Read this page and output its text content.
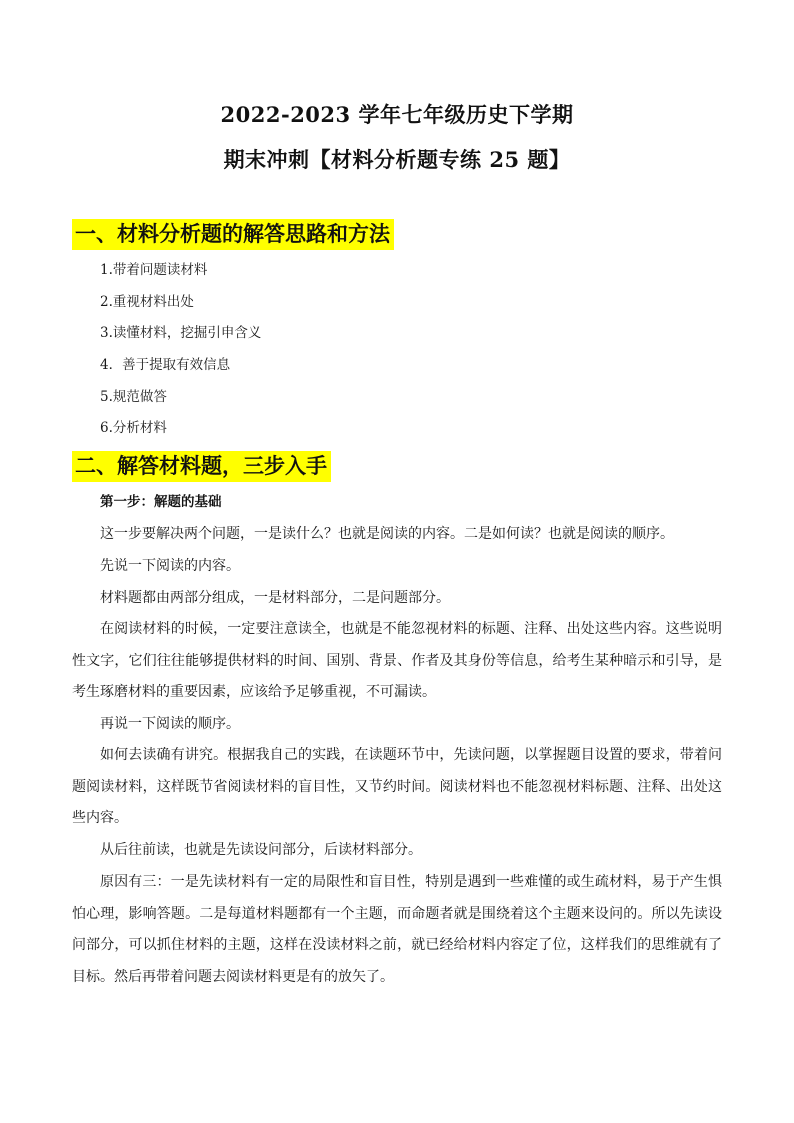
2022-2023 学年七年级历史下学期
期末冲刺【材料分析题专练 25 题】
一、材料分析题的解答思路和方法
1.带着问题读材料
2.重视材料出处
3.读懂材料，挖掘引申含义
4．善于提取有效信息
5.规范做答
6.分析材料
二、解答材料题，三步入手
第一步：解题的基础
这一步要解决两个问题，一是读什么？也就是阅读的内容。二是如何读？也就是阅读的顺序。
先说一下阅读的内容。
材料题都由两部分组成，一是材料部分，二是问题部分。
在阅读材料的时候，一定要注意读全，也就是不能忽视材料的标题、注释、出处这些内容。这些说明性文字，它们往往能够提供材料的时间、国别、背景、作者及其身份等信息，给考生某种暗示和引导，是考生琢磨材料的重要因素，应该给予足够重视，不可漏读。
再说一下阅读的顺序。
如何去读确有讲究。根据我自己的实践，在读题环节中，先读问题，以掌握题目设置的要求，带着问题阅读材料，这样既节省阅读材料的盲目性，又节约时间。阅读材料也不能忽视材料标题、注释、出处这些内容。
从后往前读，也就是先读设问部分，后读材料部分。
原因有三：一是先读材料有一定的局限性和盲目性，特别是遇到一些难懂的或生疏材料，易于产生惧怕心理，影响答题。二是每道材料题都有一个主题，而命题者就是围绕着这个主题来设问的。所以先读设问部分，可以抓住材料的主题，这样在没读材料之前，就已经给材料内容定了位，这样我们的思维就有了目标。然后再带着问题去阅读材料更是有的放矢了。
